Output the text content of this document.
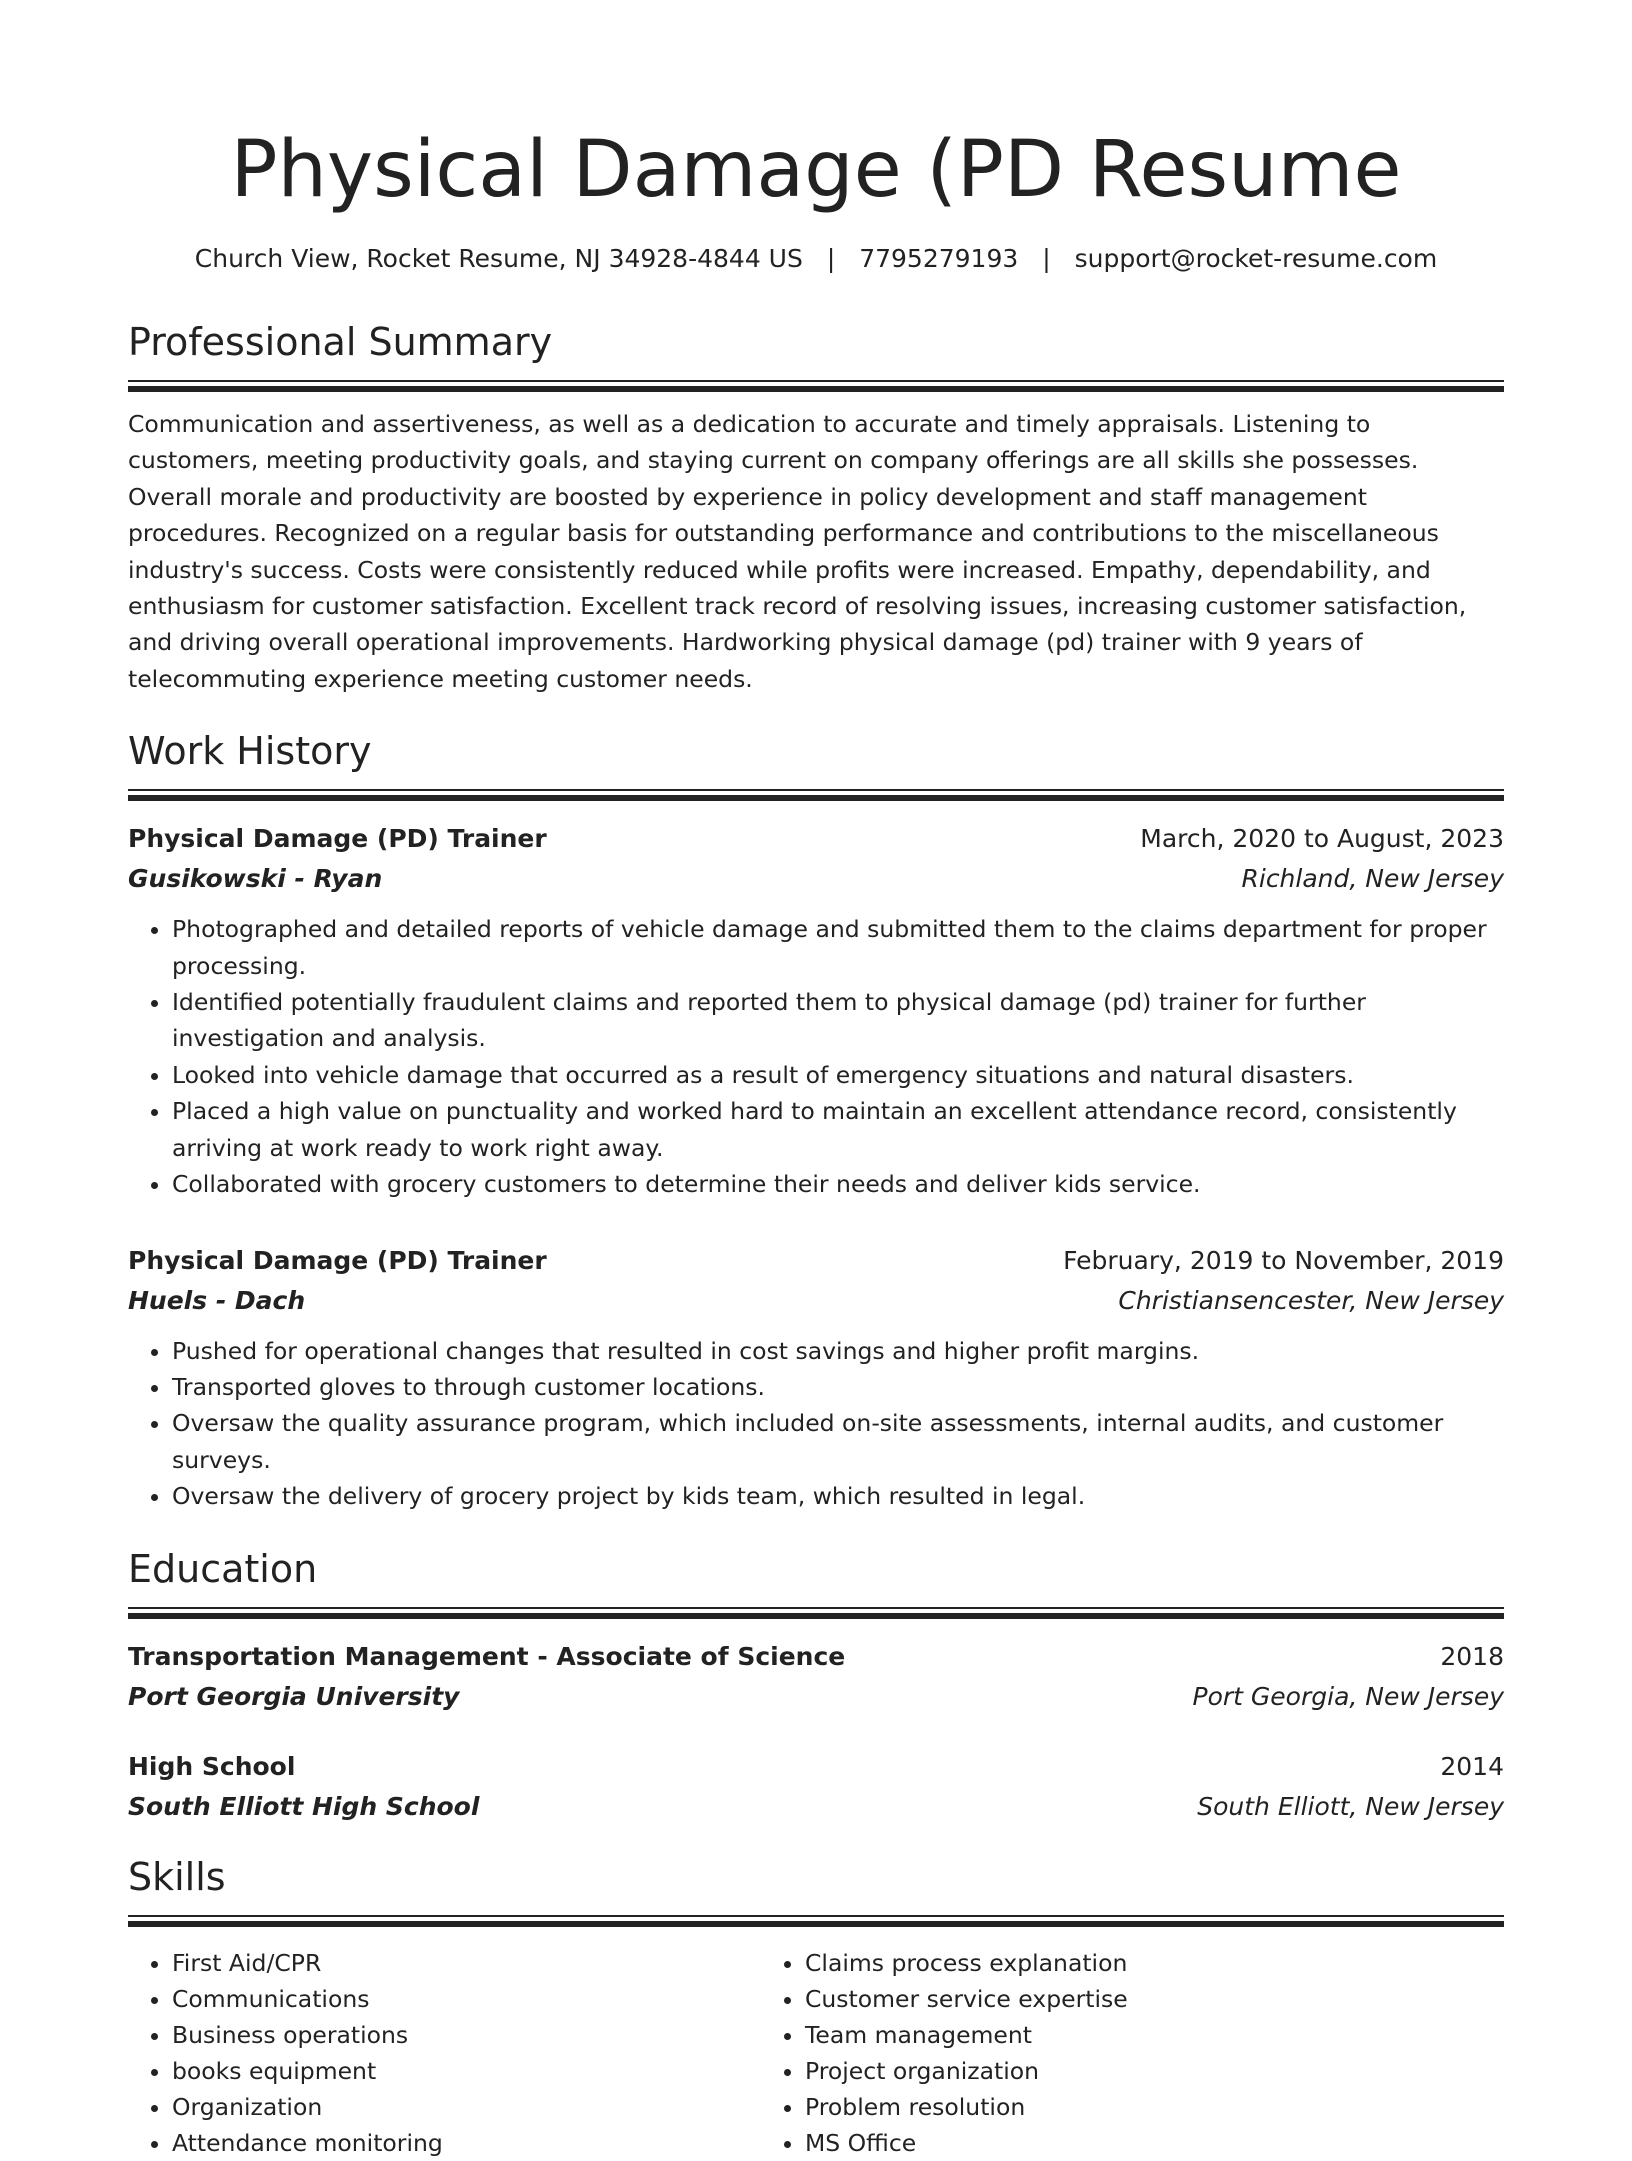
Physical Damage (PD Resume
Church View, Rocket Resume, NJ 34928-4844 US | 7795279193 | support@rocket-resume.com
Professional Summary

Communication and assertiveness, as well as a dedication to accurate and timely appraisals. Listening to customers, meeting productivity goals, and staying current on company offerings are all skills she possesses. Overall morale and productivity are boosted by experience in policy development and staff management procedures. Recognized on a regular basis for outstanding performance and contributions to the miscellaneous industry's success. Costs were consistently reduced while profits were increased. Empathy, dependability, and enthusiasm for customer satisfaction. Excellent track record of resolving issues, increasing customer satisfaction, and driving overall operational improvements. Hardworking physical damage (pd) trainer with 9 years of telecommuting experience meeting customer needs.

Work History
Physical Damage (PD) Trainer	March, 2020 to August, 2023
Gusikowski - Ryan	Richland, New Jersey
• Photographed and detailed reports of vehicle damage and submitted them to the claims department for proper processing.
• Identified potentially fraudulent claims and reported them to physical damage (pd) trainer for further investigation and analysis.
• Looked into vehicle damage that occurred as a result of emergency situations and natural disasters.
• Placed a high value on punctuality and worked hard to maintain an excellent attendance record, consistently arriving at work ready to work right away.
• Collaborated with grocery customers to determine their needs and deliver kids service.
Physical Damage (PD) Trainer	February, 2019 to November, 2019
Huels - Dach	Christiansencester, New Jersey
• Pushed for operational changes that resulted in cost savings and higher profit margins.
• Transported gloves to through customer locations.
• Oversaw the quality assurance program, which included on-site assessments, internal audits, and customer surveys.
• Oversaw the delivery of grocery project by kids team, which resulted in legal.
Education
Transportation Management - Associate of Science	2018
Port Georgia University	Port Georgia, New Jersey
High School	2014
South Elliott High School	South Elliott, New Jersey
Skills
• First Aid/CPR
• Communications
• Business operations
• books equipment
• Organization
• Attendance monitoring
• Claims process explanation
• Customer service expertise
• Team management
• Project organization
• Problem resolution
• MS Office
